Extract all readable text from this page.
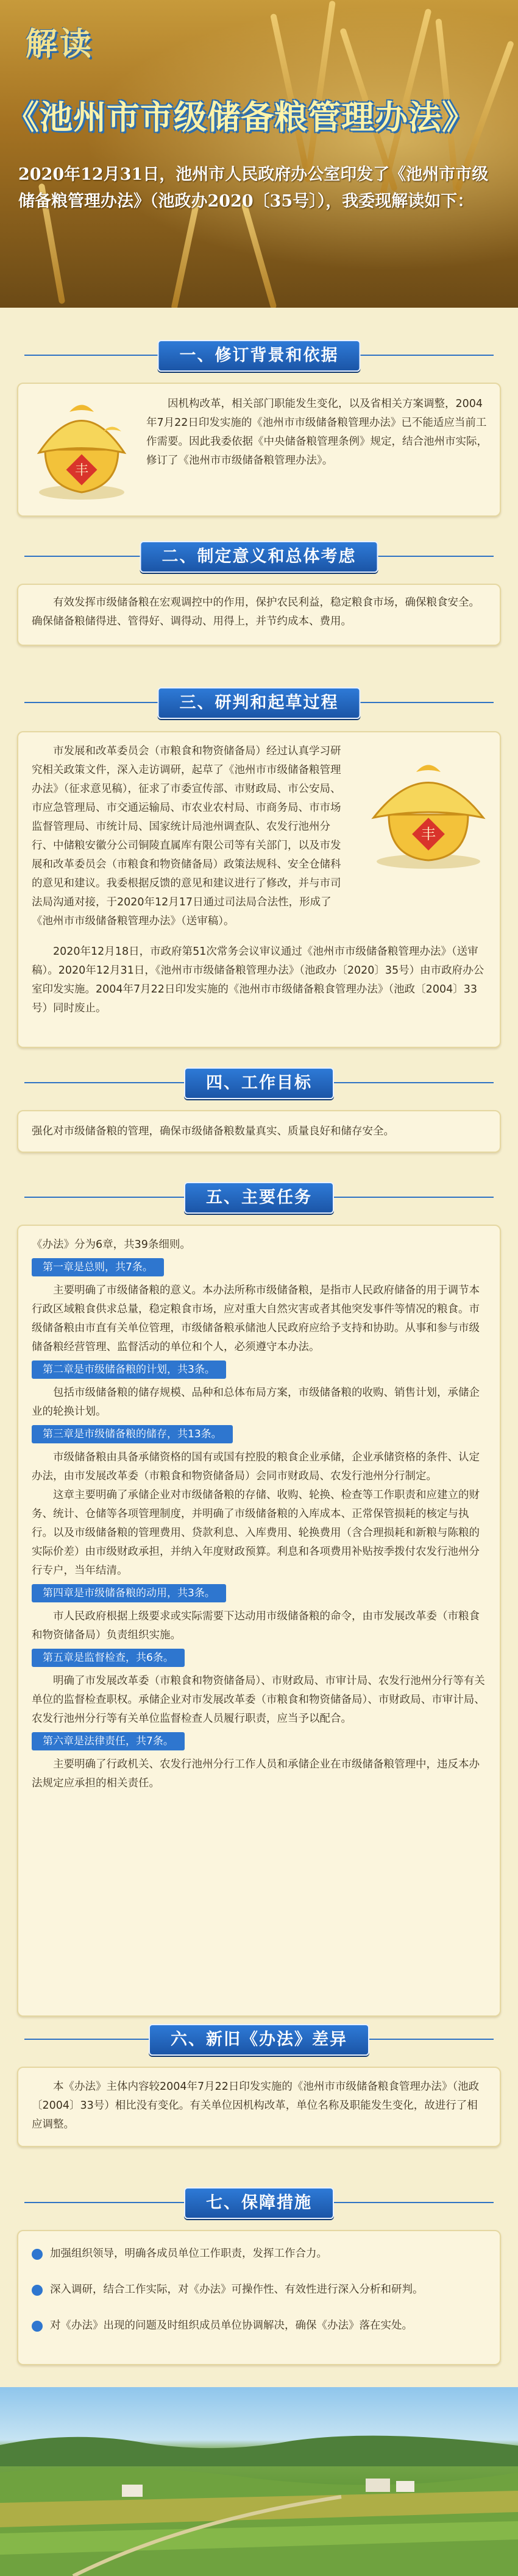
解读
《池州市市级储备粮管理办法》
2020年12月31日，池州市人民政府办公室印发了《池州市市级储备粮管理办法》（池政办2020〔35号〕），我委现解读如下：
一、修订背景和依据
丰

因机构改革，相关部门职能发生变化，以及省相关方案调整，2004年7月22日印发实施的《池州市市级储备粮管理办法》已不能适应当前工作需要。因此我委依据《中央储备粮管理条例》规定，结合池州市实际，修订了《池州市市级储备粮管理办法》。

二、制定意义和总体考虑

有效发挥市级储备粮在宏观调控中的作用，保护农民利益，稳定粮食市场，确保粮食安全。确保储备粮储得进、管得好、调得动、用得上，并节约成本、费用。

三、研判和起草过程
丰

市发展和改革委员会（市粮食和物资储备局）经过认真学习研究相关政策文件，深入走访调研，起草了《池州市市级储备粮管理办法》（征求意见稿），征求了市委宣传部、市财政局、市公安局、市应急管理局、市交通运输局、市农业农村局、市商务局、市市场监督管理局、市统计局、国家统计局池州调查队、农发行池州分行、中储粮安徽分公司铜陵直属库有限公司等有关部门，以及市发展和改革委员会（市粮食和物资储备局）政策法规科、安全仓储科的意见和建议。我委根据反馈的意见和建议进行了修改，并与市司法局沟通对接，于2020年12月17日通过司法局合法性，形成了《池州市市级储备粮管理办法》（送审稿）。

2020年12月18日，市政府第51次常务会议审议通过《池州市市级储备粮管理办法》（送审稿）。2020年12月31日，《池州市市级储备粮管理办法》（池政办〔2020〕35号）由市政府办公室印发实施。2004年7月22日印发实施的《池州市市级储备粮食管理办法》（池政〔2004〕33号）同时废止。

四、工作目标

强化对市级储备粮的管理，确保市级储备粮数量真实、质量良好和储存安全。

五、主要任务

《办法》分为6章，共39条细则。

第一章是总则，共7条。

主要明确了市级储备粮的意义。本办法所称市级储备粮，是指市人民政府储备的用于调节本行政区域粮食供求总量，稳定粮食市场，应对重大自然灾害或者其他突发事件等情况的粮食。市级储备粮由市直有关单位管理，市级储备粮承储池人民政府应给予支持和协助。从事和参与市级储备粮经营管理、监督活动的单位和个人，必须遵守本办法。

第二章是市级储备粮的计划，共3条。

包括市级储备粮的储存规模、品种和总体布局方案，市级储备粮的收购、销售计划，承储企业的轮换计划。

第三章是市级储备粮的储存，共13条。

市级储备粮由具备承储资格的国有或国有控股的粮食企业承储，企业承储资格的条件、认定办法，由市发展改革委（市粮食和物资储备局）会同市财政局、农发行池州分行制定。

这章主要明确了承储企业对市级储备粮的存储、收购、轮换、检查等工作职责和应建立的财务、统计、仓储等各项管理制度，并明确了市级储备粮的入库成本、正常保管损耗的核定与执行。以及市级储备粮的管理费用、贷款利息、入库费用、轮换费用（含合理损耗和新粮与陈粮的实际价差）由市级财政承担，并纳入年度财政预算。利息和各项费用补贴按季拨付农发行池州分行专户，当年结清。

第四章是市级储备粮的动用，共3条。

市人民政府根据上级要求或实际需要下达动用市级储备粮的命令，由市发展改革委（市粮食和物资储备局）负责组织实施。

第五章是监督检查，共6条。

明确了市发展改革委（市粮食和物资储备局）、市财政局、市审计局、农发行池州分行等有关单位的监督检查职权。承储企业对市发展改革委（市粮食和物资储备局）、市财政局、市审计局、农发行池州分行等有关单位监督检查人员履行职责，应当予以配合。

第六章是法律责任，共7条。

主要明确了行政机关、农发行池州分行工作人员和承储企业在市级储备粮管理中，违反本办法规定应承担的相关责任。

六、新旧《办法》差异

本《办法》主体内容较2004年7月22日印发实施的《池州市市级储备粮食管理办法》（池政〔2004〕33号）相比没有变化。有关单位因机构改革，单位名称及职能发生变化，故进行了相应调整。

七、保障措施
加强组织领导，明确各成员单位工作职责，发挥工作合力。
深入调研，结合工作实际，对《办法》可操作性、有效性进行深入分析和研判。
对《办法》出现的问题及时组织成员单位协调解决，确保《办法》落在实处。
